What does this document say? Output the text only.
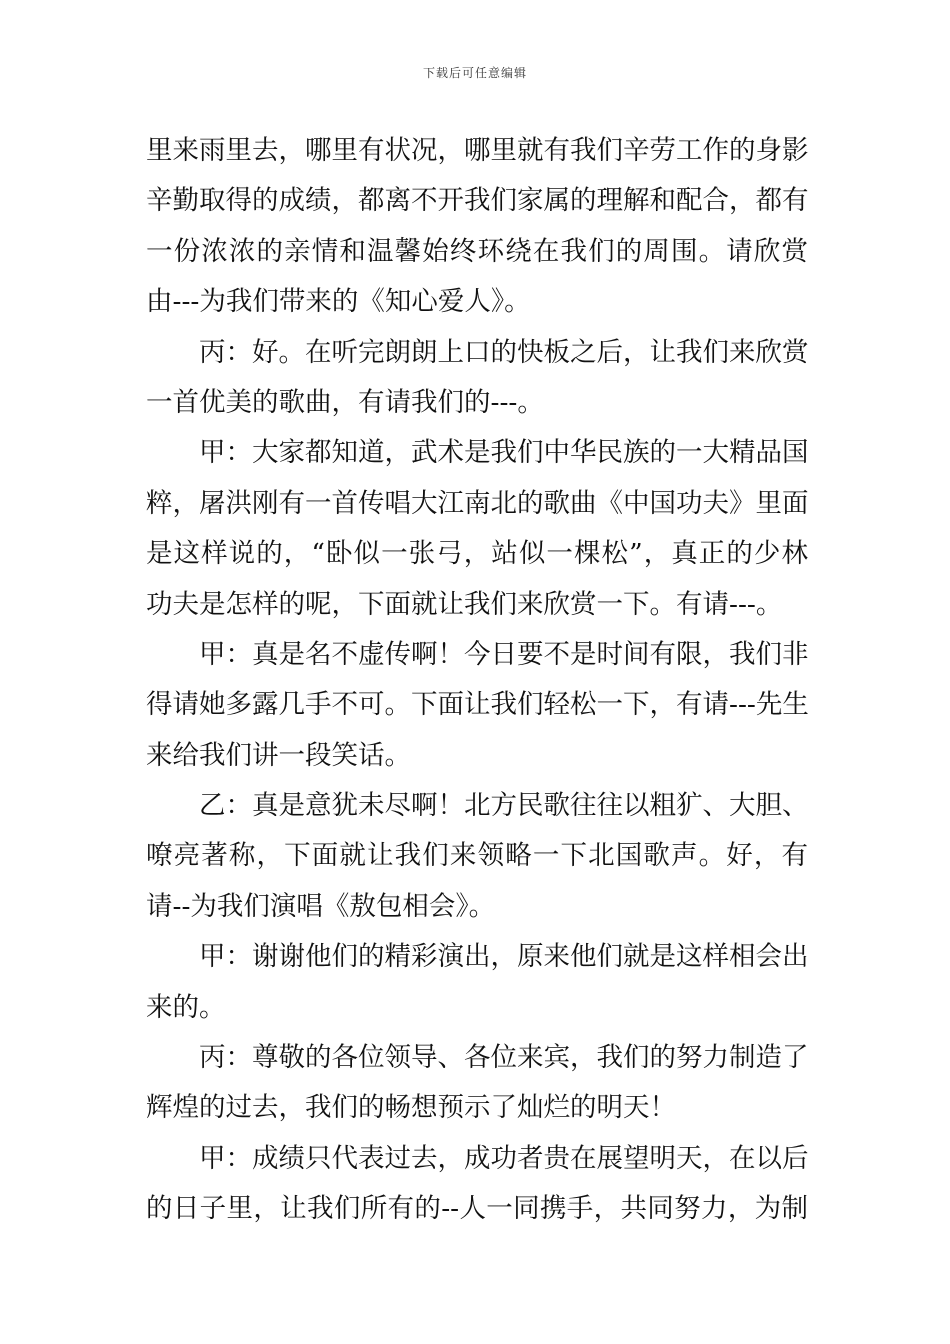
下载后可任意编辑
里来雨里去，哪里有状况，哪里就有我们辛劳工作的身影
辛勤取得的成绩，都离不开我们家属的理解和配合，都有
一份浓浓的亲情和温馨始终环绕在我们的周围。请欣赏
由---为我们带来的《知心爱人》。
丙：好。在听完朗朗上口的快板之后，让我们来欣赏
一首优美的歌曲，有请我们的---。
甲：大家都知道，武术是我们中华民族的一大精品国
粹，屠洪刚有一首传唱大江南北的歌曲《中国功夫》里面
是这样说的，“卧似一张弓，站似一棵松”，真正的少林
功夫是怎样的呢，下面就让我们来欣赏一下。有请---。
甲：真是名不虚传啊！今日要不是时间有限，我们非
得请她多露几手不可。下面让我们轻松一下，有请---先生
来给我们讲一段笑话。
乙：真是意犹未尽啊！北方民歌往往以粗犷、大胆、
嘹亮著称，下面就让我们来领略一下北国歌声。好，有
请--为我们演唱《敖包相会》。
甲：谢谢他们的精彩演出，原来他们就是这样相会出
来的。
丙：尊敬的各位领导、各位来宾，我们的努力制造了
辉煌的过去，我们的畅想预示了灿烂的明天！
甲：成绩只代表过去，成功者贵在展望明天，在以后
的日子里，让我们所有的--人一同携手，共同努力，为制
